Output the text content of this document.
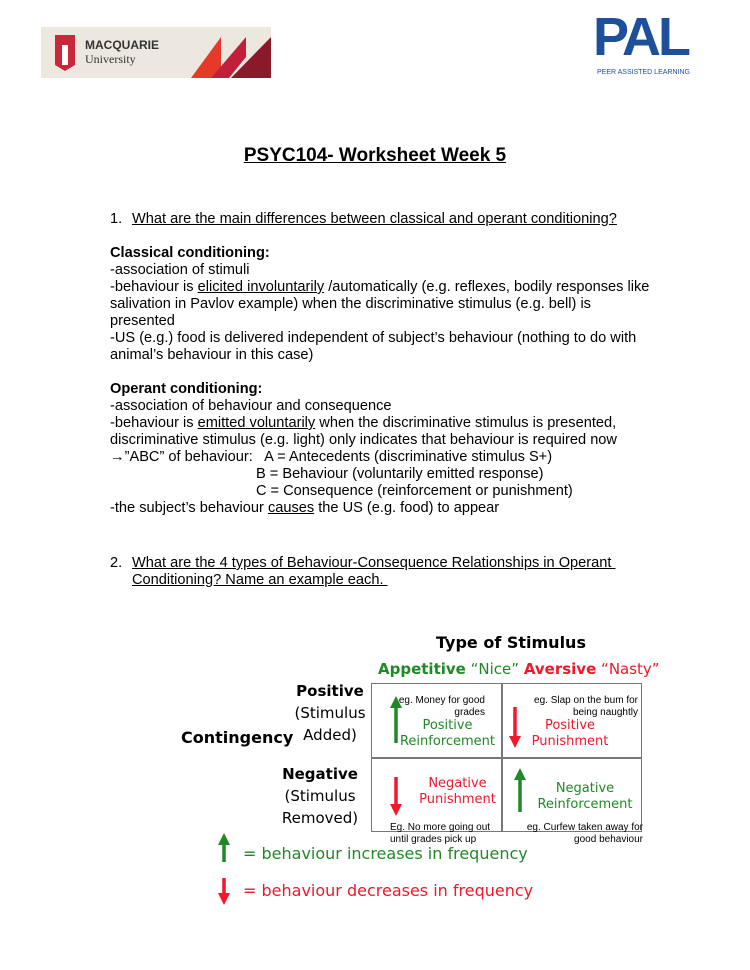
MACQUARIE
University	PAL
PEER ASSISTED LEARNING
PSYC104- Worksheet Week 5
1. What are the main differences between classical and operant conditioning?
Classical conditioning:
-association of stimuli
-behaviour is elicited involuntarily /automatically (e.g. reflexes, bodily responses like
salivation in Pavlov example) when the discriminative stimulus (e.g. bell) is
presented
-US (e.g.) food is delivered independent of subject’s behaviour (nothing to do with
animal’s behaviour in this case)
Operant conditioning:
-association of behaviour and consequence
-behaviour is emitted voluntarily when the discriminative stimulus is presented,
discriminative stimulus (e.g. light) only indicates that behaviour is required now
→”ABC” of behaviour:   A = Antecedents (discriminative stimulus S+)
B = Behaviour (voluntarily emitted response)
C = Consequence (reinforcement or punishment)
-the subject’s behaviour causes the US (e.g. food) to appear
2. What are the 4 types of Behaviour-Consequence Relationships in Operant
Conditioning? Name an example each.
Type of Stimulus
Appetitive “Nice” Aversive “Nasty”
Contingency
Positive
(Stimulus
Added)
Negative
(Stimulus
Removed)
eg. Money for good
grades
Positive
Reinforcement
eg. Slap on the bum for
being naughtly
Positive
Punishment
Eg. No more going out
until grades pick up
Negative
Punishment
eg. Curfew taken away for
good behaviour
Negative
Reinforcement
= behaviour increases in frequency
= behaviour decreases in frequency
